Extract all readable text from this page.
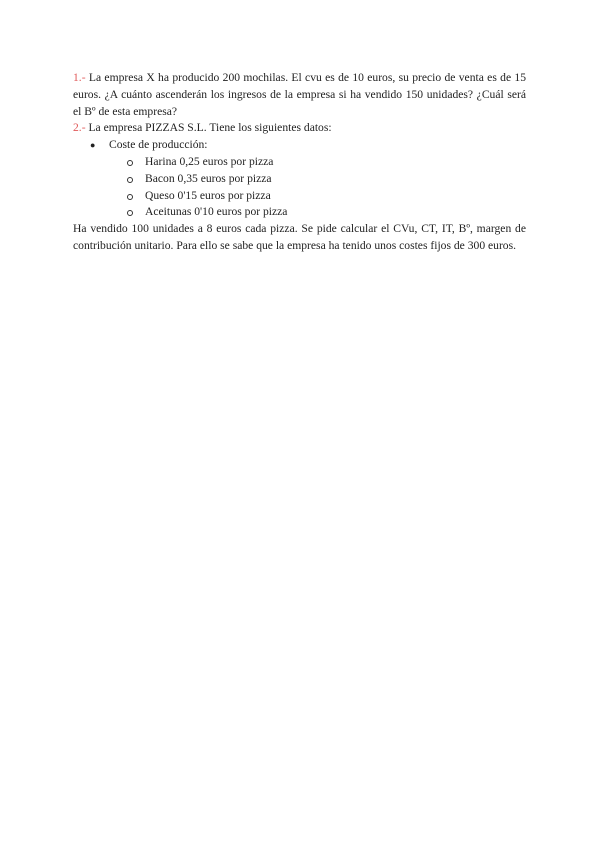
1.- La empresa X ha producido 200 mochilas. El cvu es de 10 euros, su precio de venta es de 15 euros. ¿A cuánto ascenderán los ingresos de la empresa si ha vendido 150 unidades? ¿Cuál será el Bº de esta empresa?

2.- La empresa PIZZAS S.L. Tiene los siguientes datos:

● Coste de producción:

Harina 0,25 euros por pizza
Bacon 0,35 euros por pizza
Queso 0'15 euros por pizza
Aceitunas 0'10 euros por pizza

Ha vendido 100 unidades a 8 euros cada pizza. Se pide calcular el CVu, CT, IT, Bº, margen de contribución unitario. Para ello se sabe que la empresa ha tenido unos costes fijos de 300 euros.
